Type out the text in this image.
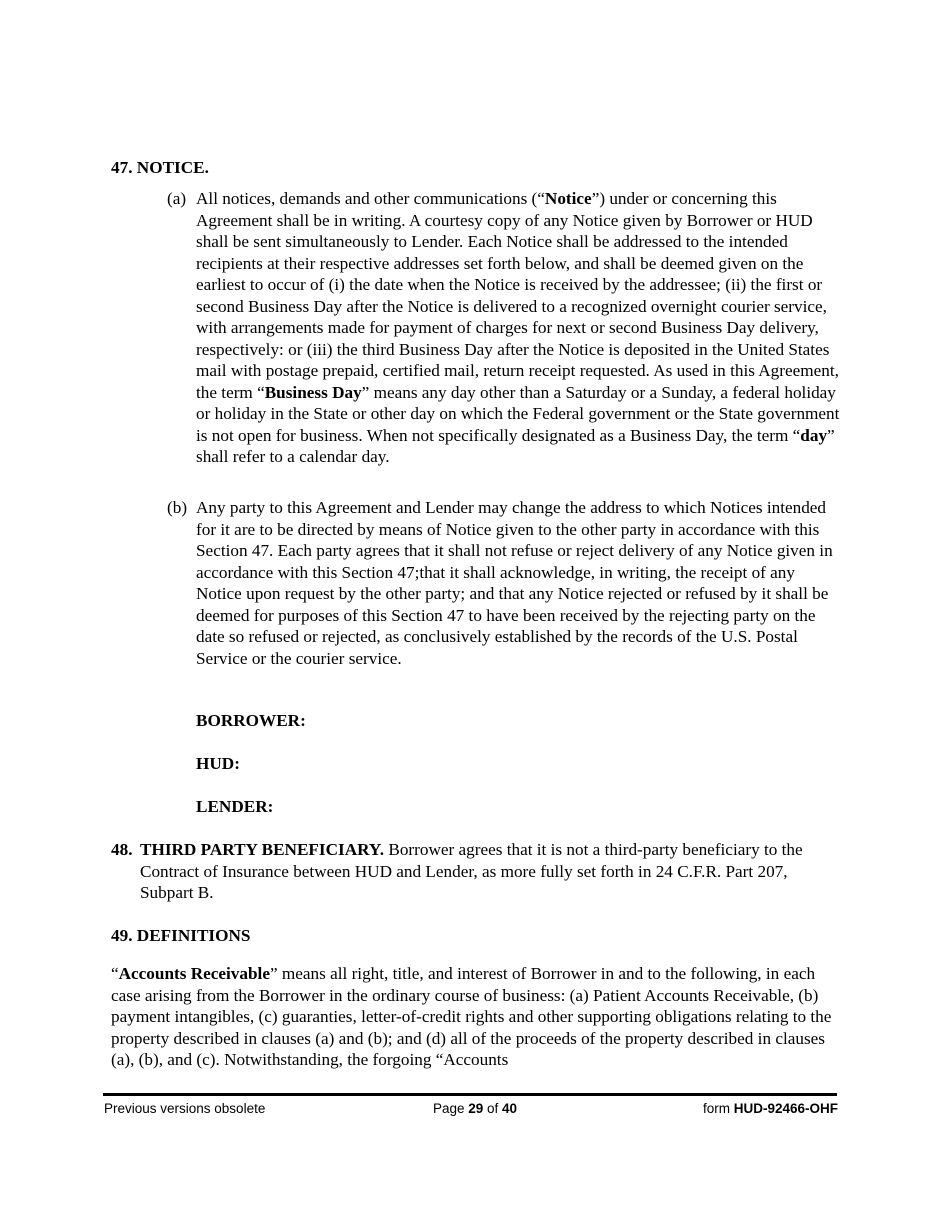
47. NOTICE.
(a) All notices, demands and other communications (“Notice”) under or concerning this Agreement shall be in writing. A courtesy copy of any Notice given by Borrower or HUD shall be sent simultaneously to Lender. Each Notice shall be addressed to the intended recipients at their respective addresses set forth below, and shall be deemed given on the earliest to occur of (i) the date when the Notice is received by the addressee; (ii) the first or second Business Day after the Notice is delivered to a recognized overnight courier service, with arrangements made for payment of charges for next or second Business Day delivery, respectively: or (iii) the third Business Day after the Notice is deposited in the United States mail with postage prepaid, certified mail, return receipt requested. As used in this Agreement, the term “Business Day” means any day other than a Saturday or a Sunday, a federal holiday or holiday in the State or other day on which the Federal government or the State government is not open for business. When not specifically designated as a Business Day, the term “day” shall refer to a calendar day.
(b) Any party to this Agreement and Lender may change the address to which Notices intended for it are to be directed by means of Notice given to the other party in accordance with this Section 47. Each party agrees that it shall not refuse or reject delivery of any Notice given in accordance with this Section 47;that it shall acknowledge, in writing, the receipt of any Notice upon request by the other party; and that any Notice rejected or refused by it shall be deemed for purposes of this Section 47 to have been received by the rejecting party on the date so refused or rejected, as conclusively established by the records of the U.S. Postal Service or the courier service.
BORROWER:
HUD:
LENDER:
48. THIRD PARTY BENEFICIARY. Borrower agrees that it is not a third-party beneficiary to the Contract of Insurance between HUD and Lender, as more fully set forth in 24 C.F.R. Part 207, Subpart B.
49. DEFINITIONS
“Accounts Receivable” means all right, title, and interest of Borrower in and to the following, in each case arising from the Borrower in the ordinary course of business: (a) Patient Accounts Receivable, (b) payment intangibles, (c) guaranties, letter-of-credit rights and other supporting obligations relating to the property described in clauses (a) and (b); and (d) all of the proceeds of the property described in clauses (a), (b), and (c). Notwithstanding, the forgoing “Accounts
Previous versions obsolete	Page 29 of 40	form HUD-92466-OHF
